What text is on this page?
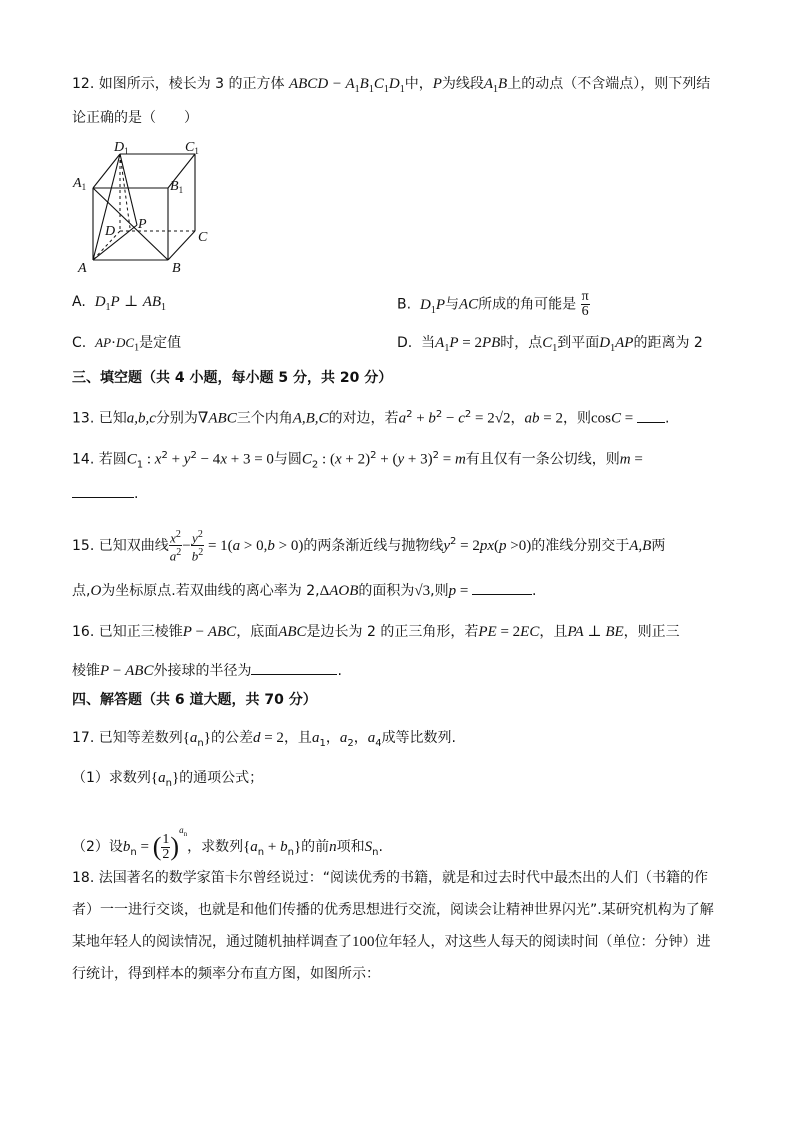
12. 如图所示，棱长为 3 的正方体 ABCD − $A_1B_1C_1D_1$中，P为线段$A_1B$上的动点（不含端点），则下列结
论正确的是（　　）
$D_1$	$C_1$
$A_1$	$B_1$
P
D	C
A	B
A. $D_1P$ ⊥ $AB_1$	B. $D_1P$与AC所成的角可能是 $\frac{\pi}{6}$
C. $AP\cdot DC_1$是定值	D. 当$A_1P = 2PB$时，点$C_1$到平面$D_1AP$的距离为 2
三、填空题（共 4 小题，每小题 5 分，共 20 分）
13. 已知a,b,c分别为∇ABC三个内角A,B,C的对边，若$a^2 + b^2 - c^2 = 2√2$，ab = 2，则cosC = .
14. 若圆$C_1$ : $x^2 + y^2 - 4x + 3 = 0$与圆$C_2$ : $(x + 2)^2 + (y + 3)^2 = m$有且仅有一条公切线，则m =
.
15. 已知双曲线 $\frac{x^2}{a^2} - \frac{y^2}{b^2} = 1(a > 0,b > 0)$的两条渐近线与抛物线$y^2 = 2px(p >0)$的准线分别交于A,B两
点,O为坐标原点.若双曲线的离心率为 2,ΔAOB的面积为√3,则p =	.
16. 已知正三棱锥P − ABC，底面ABC是边长为 2 的正三角形，若PE = 2EC，且PA ⊥ BE，则正三
棱锥P − ABC外接球的半径为	.
四、解答题（共 6 道大题，共 70 分）
17. 已知等差数列$\{a_n\}$的公差d = 2，且$a_1$，$a_2$，$a_4$成等比数列.
（1）求数列$\{a_n\}$的通项公式；
（2）设$b_n$ = ( $\frac{1}{2} )^{a_n}$，求数列$\{a_n + b_n\}$的前n项和$S_n$.
18. 法国著名的数学家笛卡尔曾经说过：“阅读优秀的书籍，就是和过去时代中最杰出的人们（书籍的作
者）一一进行交谈，也就是和他们传播的优秀思想进行交流，阅读会让精神世界闪光”.某研究机构为了解
某地年轻人的阅读情况，通过随机抽样调查了100位年轻人，对这些人每天的阅读时间（单位：分钟）进
行统计，得到样本的频率分布直方图，如图所示：
